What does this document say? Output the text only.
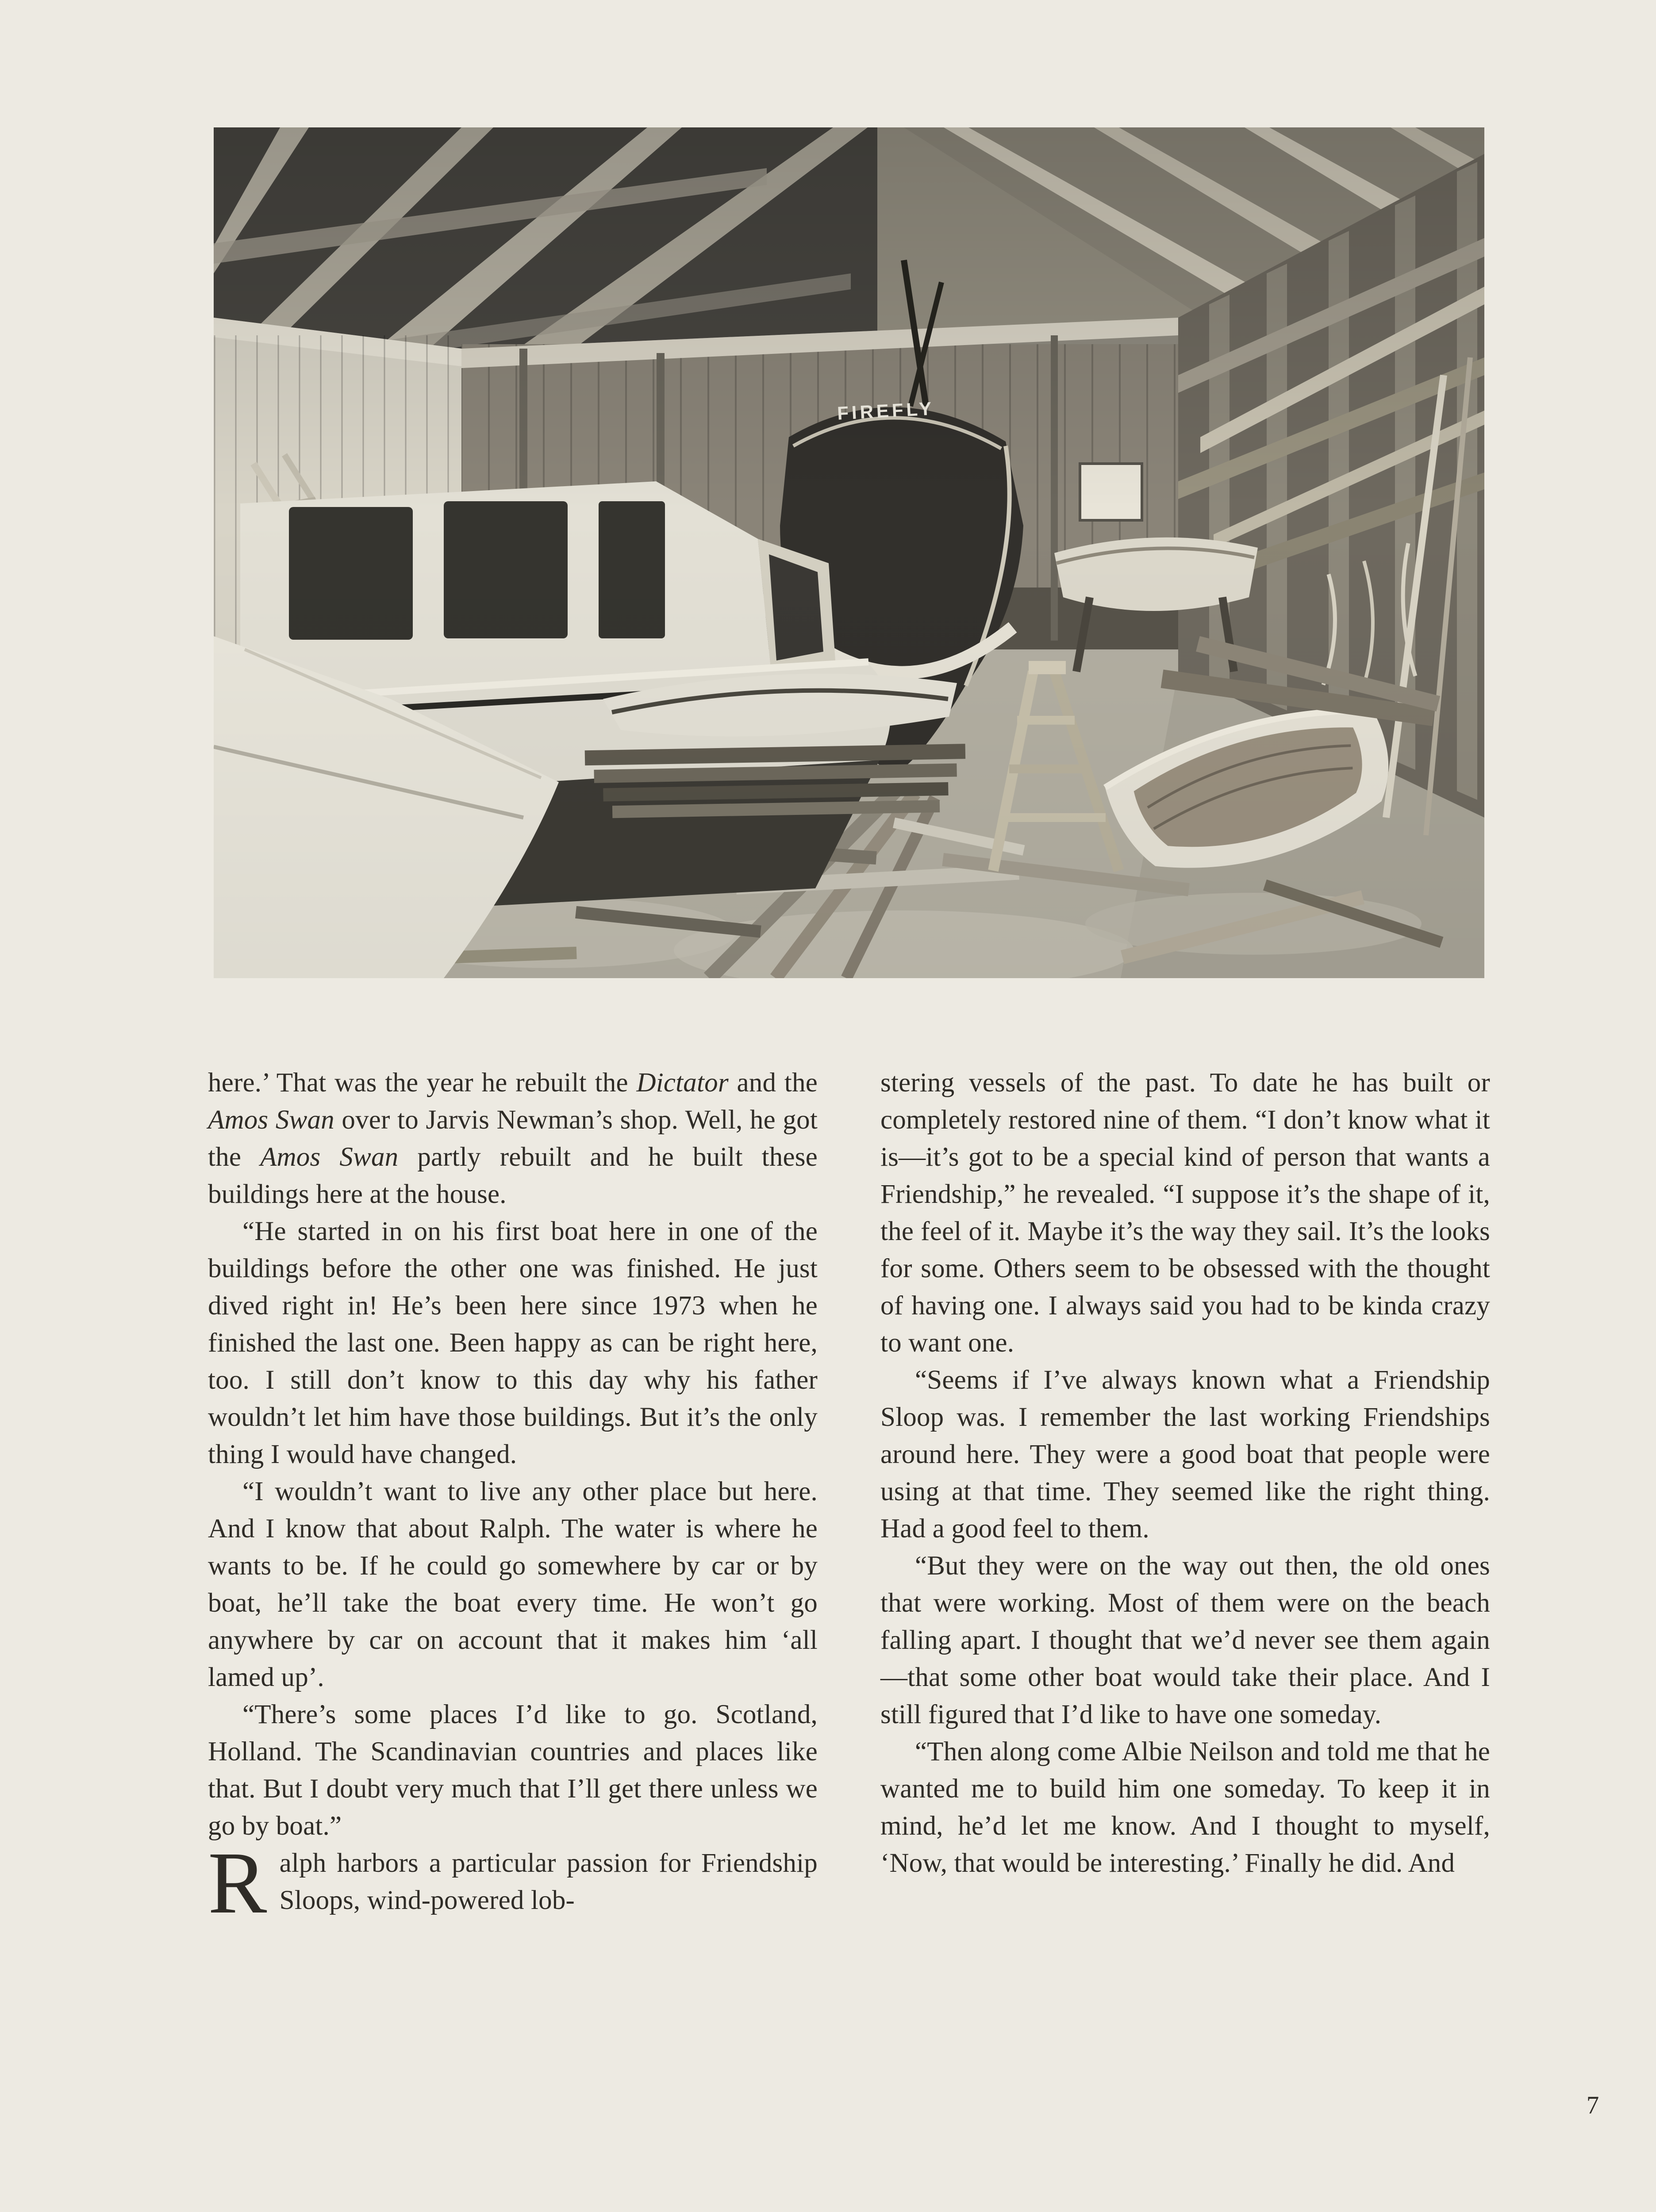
here.’ That was the year he rebuilt the Dictator and the Amos Swan over to Jarvis Newman’s shop. Well, he got the Amos Swan partly rebuilt and he built these buildings here at the house.

“He started in on his first boat here in one of the buildings before the other one was finished. He just dived right in! He’s been here since 1973 when he finished the last one. Been happy as can be right here, too. I still don’t know to this day why his father wouldn’t let him have those buildings. But it’s the only thing I would have changed.

“I wouldn’t want to live any other place but here. And I know that about Ralph. The water is where he wants to be. If he could go somewhere by car or by boat, he’ll take the boat every time. He won’t go anywhere by car on account that it makes him ‘all lamed up’.

“There’s some places I’d like to go. Scotland, Holland. The Scandinavian countries and places like that. But I doubt very much that I’ll get there unless we go by boat.”

Ralph harbors a particular passion for Friendship Sloops, wind-powered lob-

stering vessels of the past. To date he has built or completely restored nine of them. “I don’t know what it is—it’s got to be a special kind of person that wants a Friendship,” he revealed. “I suppose it’s the shape of it, the feel of it. Maybe it’s the way they sail. It’s the looks for some. Others seem to be obsessed with the thought of having one. I always said you had to be kinda crazy to want one.

“Seems if I’ve always known what a Friendship Sloop was. I remember the last working Friendships around here. They were a good boat that people were using at that time. They seemed like the right thing. Had a good feel to them.

“But they were on the way out then, the old ones that were working. Most of them were on the beach falling apart. I thought that we’d never see them again—that some other boat would take their place. And I still figured that I’d like to have one someday.

“Then along come Albie Neilson and told me that he wanted me to build him one someday. To keep it in mind, he’d let me know. And I thought to myself, ‘Now, that would be interesting.’ Finally he did. And

7
